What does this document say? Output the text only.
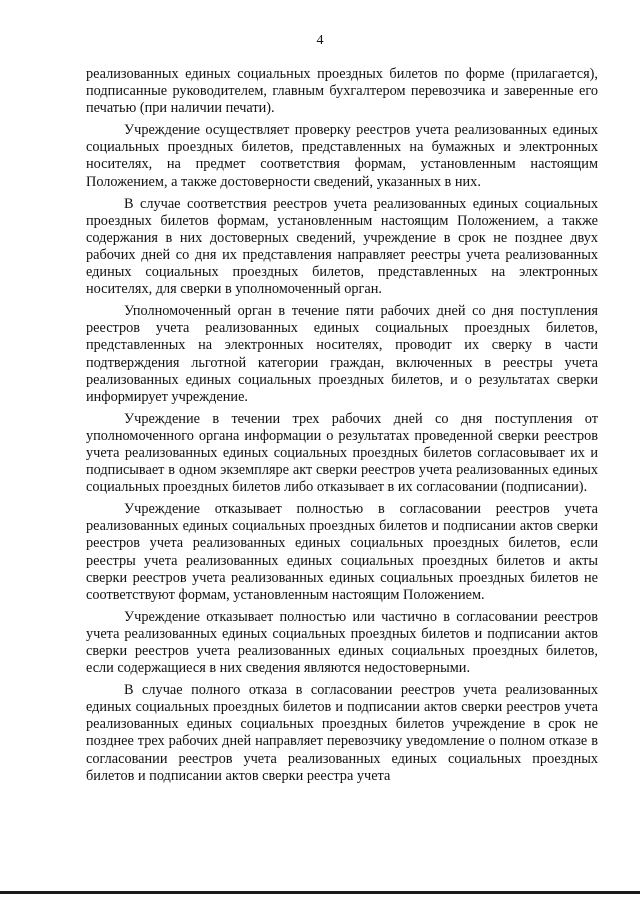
4

реализованных единых социальных проездных билетов по форме (прилагается), подписанные руководителем, главным бухгалтером перевозчика и заверенные его печатью (при наличии печати).

Учреждение осуществляет проверку реестров учета реализованных единых социальных проездных билетов, представленных на бумажных и электронных носителях, на предмет соответствия формам, установленным настоящим Положением, а также достоверности сведений, указанных в них.

В случае соответствия реестров учета реализованных единых социальных проездных билетов формам, установленным настоящим Положением, а также содержания в них достоверных сведений, учреждение в срок не позднее двух рабочих дней со дня их представления направляет реестры учета реализованных единых социальных проездных билетов, представленных на электронных носителях, для сверки в уполномоченный орган.

Уполномоченный орган в течение пяти рабочих дней со дня поступления реестров учета реализованных единых социальных проездных билетов, представленных на электронных носителях, проводит их сверку в части подтверждения льготной категории граждан, включенных в реестры учета реализованных единых социальных проездных билетов, и о результатах сверки информирует учреждение.

Учреждение в течении трех рабочих дней со дня поступления от уполномоченного органа информации о результатах проведенной сверки реестров учета реализованных единых социальных проездных билетов согласовывает их и подписывает в одном экземпляре акт сверки реестров учета реализованных единых социальных проездных билетов либо отказывает в их согласовании (подписании).

Учреждение отказывает полностью в согласовании реестров учета реализованных единых социальных проездных билетов и подписании актов сверки реестров учета реализованных единых социальных проездных билетов, если реестры учета реализованных единых социальных проездных билетов и акты сверки реестров учета реализованных единых социальных проездных билетов не соответствуют формам, установленным настоящим Положением.

Учреждение отказывает полностью или частично в согласовании реестров учета реализованных единых социальных проездных билетов и подписании актов сверки реестров учета реализованных единых социальных проездных билетов, если содержащиеся в них сведения являются недостоверными.

В случае полного отказа в согласовании реестров учета реализованных единых социальных проездных билетов и подписании актов сверки реестров учета реализованных единых социальных проездных билетов учреждение в срок не позднее трех рабочих дней направляет перевозчику уведомление о полном отказе в согласовании реестров учета реализованных единых социальных проездных билетов и подписании актов сверки реестра учета
